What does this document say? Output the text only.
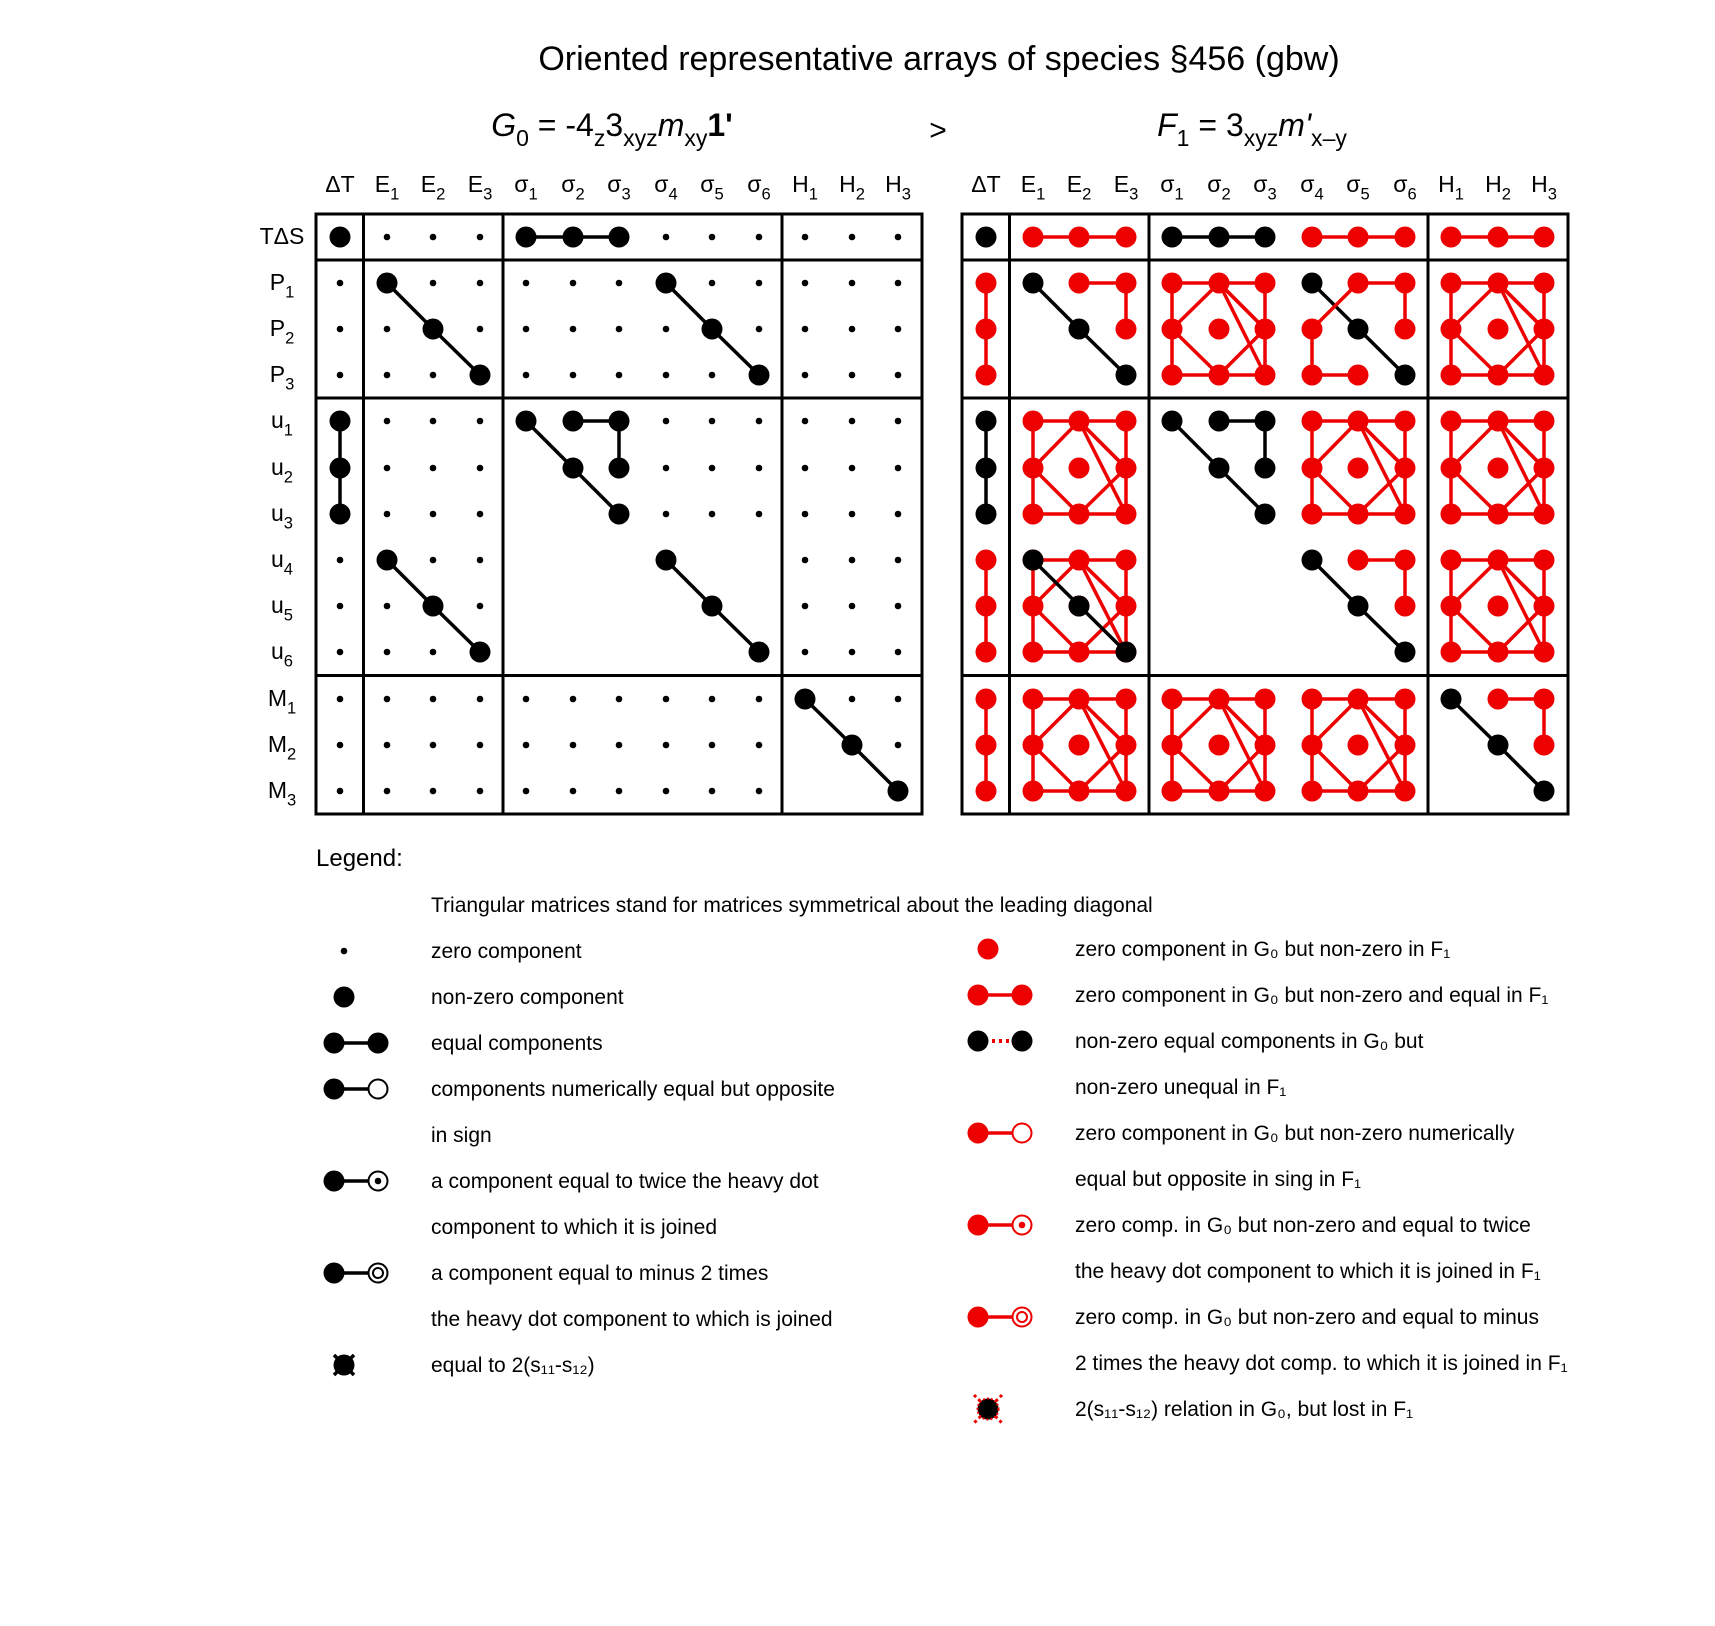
Oriented representative arrays of species §456 (gbw)
$G_0 = -4_z3_{xyz}m_{xy}1'$	>	$F_1 = 3_{xyz}m'_{x-y}$
TΔS
$P_1$
$P_2$
$P_3$
$u_1$
$u_2$
$u_3$
$u_4$
$u_5$
$u_6$
$M_1$
$M_2$
$M_3$
ΔT $E_1$ $E_2$ $E_3$ $\sigma_1$ $\sigma_2$ $\sigma_3$ $\sigma_4$ $\sigma_5$ $\sigma_6$ $H_1$ $H_2$ $H_3$	ΔT $E_1$ $E_2$ $E_3$ $\sigma_1$ $\sigma_2$ $\sigma_3$ $\sigma_4$ $\sigma_5$ $\sigma_6$ $H_1$ $H_2$ $H_3$
Legend:
Triangular matrices stand for matrices symmetrical about the leading diagonal
zero component
non-zero component
equal components
components numerically equal but opposite
in sign
a component equal to twice the heavy dot
component to which it is joined
a component equal to minus 2 times
the heavy dot component to which is joined
equal to 2(s₁₁-s₁₂)
zero component in G₀ but non-zero in F₁
zero component in G₀ but non-zero and equal in F₁
non-zero equal components in G₀ but
non-zero unequal in F₁
zero component in G₀ but non-zero numerically
equal but opposite in sing in F₁
zero comp. in G₀ but non-zero and equal to twice
the heavy dot component to which it is joined in F₁
zero comp. in G₀ but non-zero and equal to minus
2 times the heavy dot comp. to which it is joined in F₁
2(s₁₁-s₁₂) relation in G₀, but lost in F₁
